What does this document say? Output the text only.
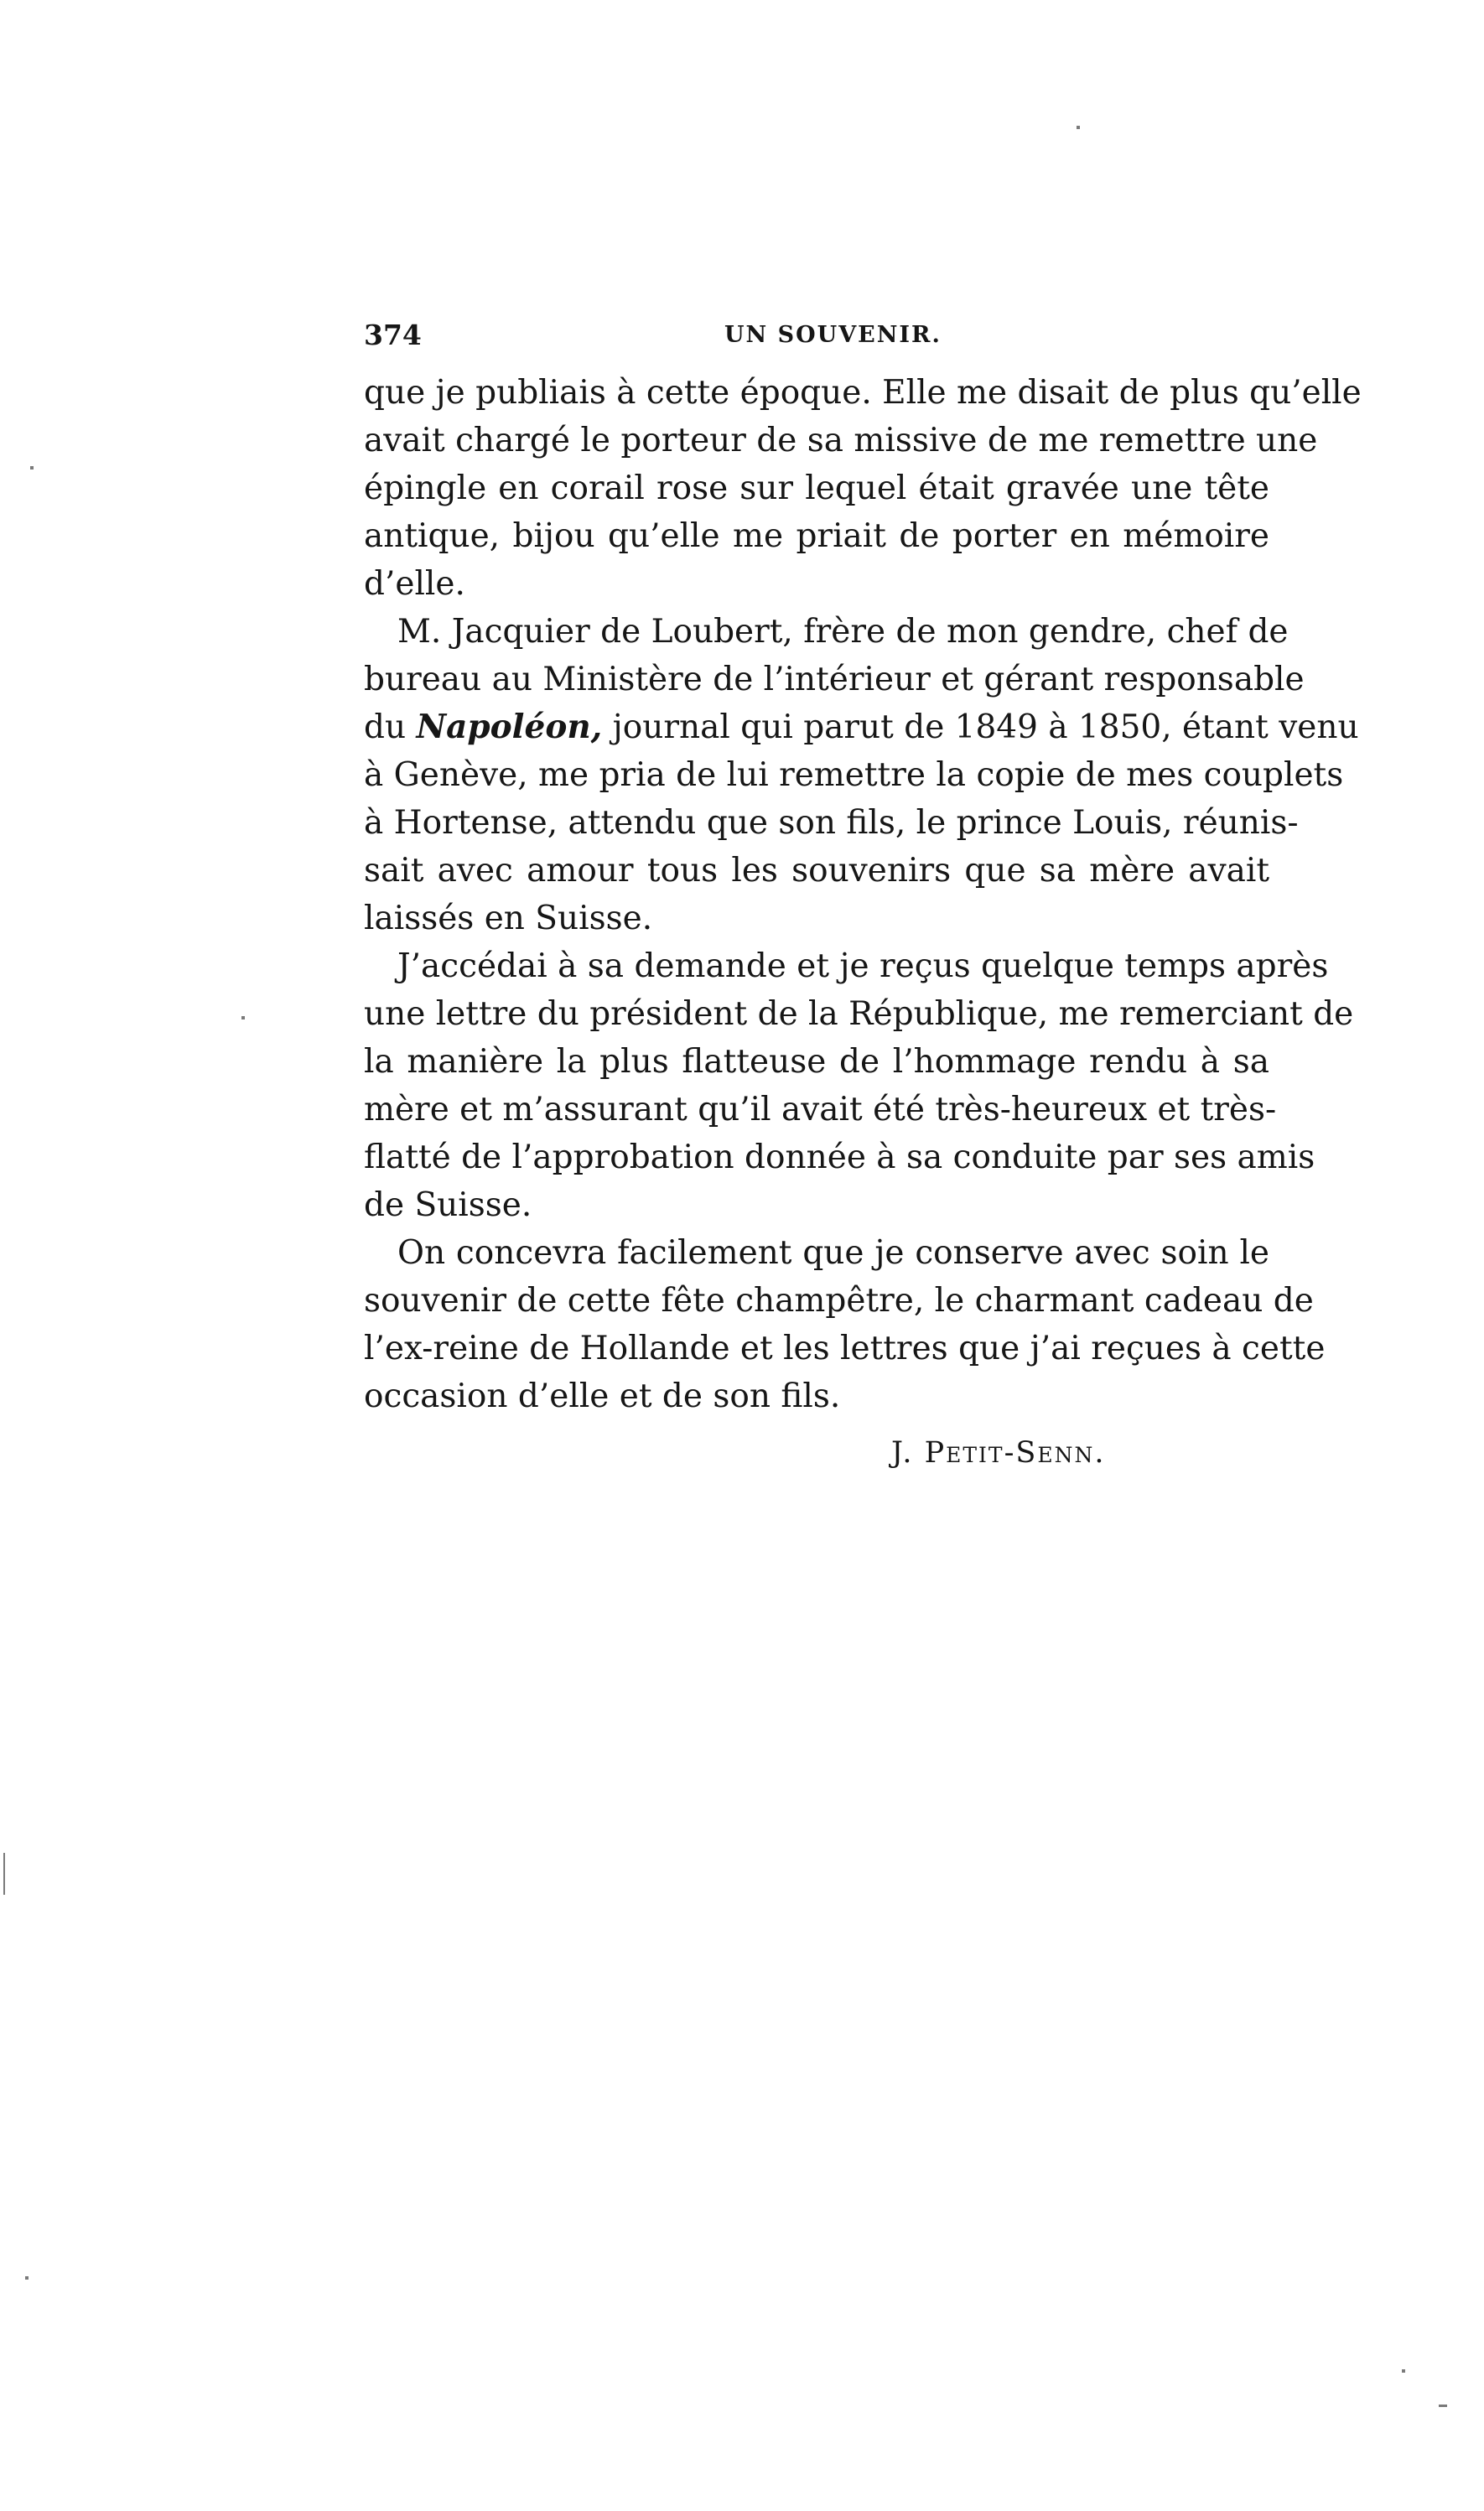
374	UN SOUVENIR.
que je publiais à cette époque. Elle me disait de plus qu’elle
avait chargé le porteur de sa missive de me remettre une
épingle en corail rose sur lequel était gravée une tête
antique, bijou qu’elle me priait de porter en mémoire
d’elle.
M. Jacquier de Loubert, frère de mon gendre, chef de
bureau au Ministère de l’intérieur et gérant responsable
du Napoléon, journal qui parut de 1849 à 1850, étant venu
à Genève, me pria de lui remettre la copie de mes couplets
à Hortense, attendu que son fils, le prince Louis, réunis-
sait avec amour tous les souvenirs que sa mère avait
laissés en Suisse.
J’accédai à sa demande et je reçus quelque temps après
une lettre du président de la République, me remerciant de
la manière la plus flatteuse de l’hommage rendu à sa
mère et m’assurant qu’il avait été très-heureux et très-
flatté de l’approbation donnée à sa conduite par ses amis
de Suisse.
On concevra facilement que je conserve avec soin le
souvenir de cette fête champêtre, le charmant cadeau de
l’ex-reine de Hollande et les lettres que j’ai reçues à cette
occasion d’elle et de son fils.
J. Petit-Senn.
